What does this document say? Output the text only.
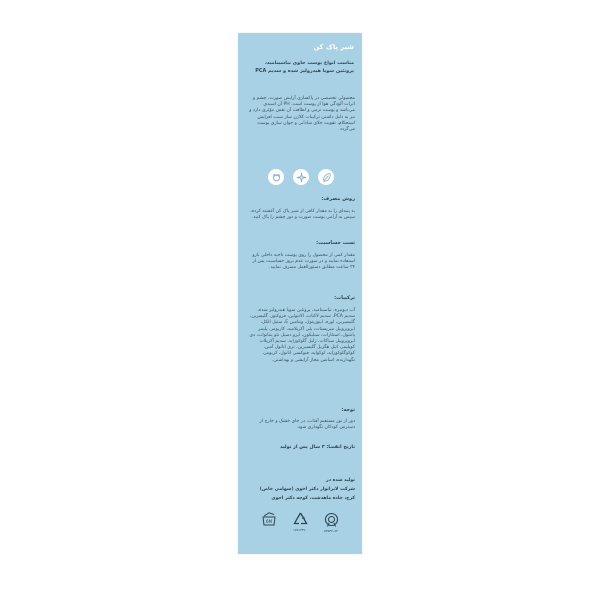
شیر پاک کن
مناسب انواع پوست حاوی نیاسینامید، پروتئین سویا هیدرولیز شده و سدیم PCA
محصولی تخصصی در پاکسازی آرایش صورت، چشم و اثرات آلودگی هوا از پوست است. PH آن اسیدی می‌باشد و پوست نرمی و لطافت آن نقش مؤثری دارد و نیز به دلیل داشتن ترکیبات کلاژن ساز سبب افزایش استحکام، تقویت جلای شادابی و جوان سازی پوست می‌گردد.
روش مصرف:
بد پنبه‌ای را به مقدار کافی از شیر پاک کن آغشته کرده، سپس به آرامی پوست صورت و دور چشم را پاک کنید.
تست حساسیت:
مقدار کمی از محصول را روی پوست ناحیه داخلی بازو استفاده نمایید و در صورت عدم بروز حساسیت پس از ۲۴ ساعت مطابق دستورالعمل مصرف نمایید.
ترکیبات:
آب دیونیزه، نیاسینامید، پروتئین سویا هیدرولیز شده، سدیم PCA، سدیم لاکتات، الانتوئین، فروکتوز، گلیسرین، گلیسیرین، اوره، اینوزیتول، ویتامین E، ستیل الکل، ایزوپروپیل میریستات، پلی آکریلامید، کاربومر، پلیمر پانتنول، استئارات، سیلیکون، ایزو دسیل نئو پنتانوات، دی ایزوپروپیل سباکات، ژلیل گلوکوزاید، سدیم آکریلات کوپلیمر، اتیل هگزیل گلیسیرین، تری اتانول آمین، کوکوگلوکوزاید، لوکواید، فنوکسی اتانول، کربومر، نگهدارنده، اسانس مجاز آرایشی و بهداشتی.
توجه:
دور از نور مستقیم آفتاب، در جای خشک و خارج از دسترس کودکان نگهداری شود.
تاریخ انقضا: ۳ سال پس از تولید
تولید شده در
شرکت لابراتوار دکتر اخوی (سهامی خاص)
کرج، جاده ماهدشت، کوچه دکتر اخوی
6M
۱۷۵۱۳۴۷۰	۵۳۵۳۷۰۸۴
